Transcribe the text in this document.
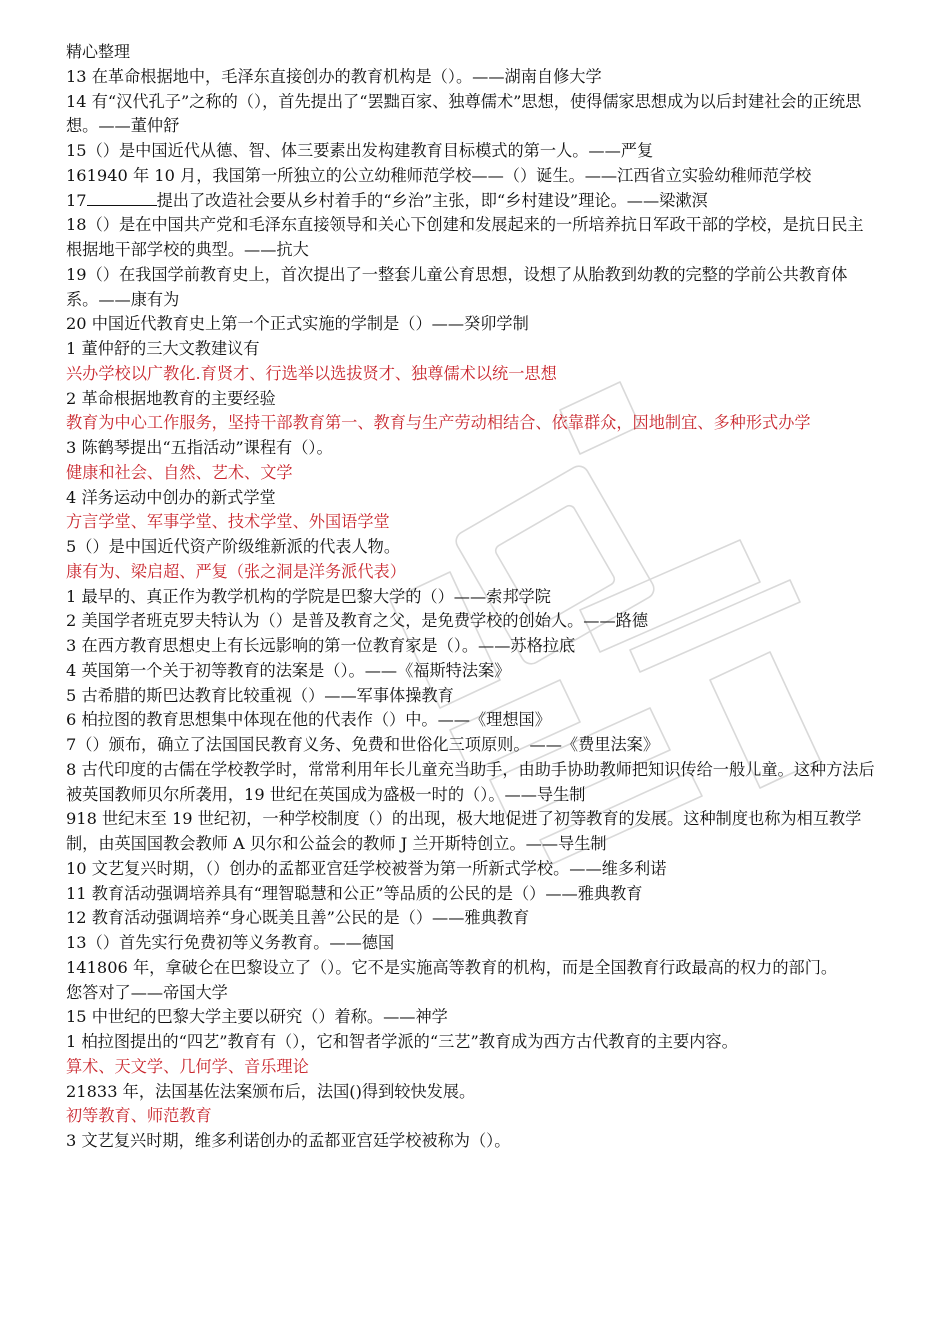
精心整理
13 在革命根据地中，毛泽东直接创办的教育机构是（）。——湖南自修大学
14 有“汉代孔子”之称的（），首先提出了“罢黜百家、独尊儒术”思想，使得儒家思想成为以后封建社会的正统思想。——董仲舒
15（）是中国近代从德、智、体三要素出发构建教育目标模式的第一人。——严复
161940 年 10 月，我国第一所独立的公立幼稚师范学校——（）诞生。——江西省立实验幼稚师范学校
17	提出了改造社会要从乡村着手的“乡治”主张，即“乡村建设”理论。——梁漱溟
18（）是在中国共产党和毛泽东直接领导和关心下创建和发展起来的一所培养抗日军政干部的学校，是抗日民主根据地干部学校的典型。——抗大
19（）在我国学前教育史上，首次提出了一整套儿童公育思想，设想了从胎教到幼教的完整的学前公共教育体系。——康有为
20 中国近代教育史上第一个正式实施的学制是（）——癸卯学制
1 董仲舒的三大文教建议有
兴办学校以广教化.育贤才、行选举以选拔贤才、独尊儒术以统一思想
2 革命根据地教育的主要经验
教育为中心工作服务，坚持干部教育第一、教育与生产劳动相结合、依靠群众，因地制宜、多种形式办学
3 陈鹤琴提出“五指活动”课程有（）。
健康和社会、自然、艺术、文学
4 洋务运动中创办的新式学堂
方言学堂、军事学堂、技术学堂、外国语学堂
5（）是中国近代资产阶级维新派的代表人物。
康有为、梁启超、严复（张之洞是洋务派代表）
1 最早的、真正作为教学机构的学院是巴黎大学的（）——索邦学院
2 美国学者班克罗夫特认为（）是普及教育之父，是免费学校的创始人。——路德
3 在西方教育思想史上有长远影响的第一位教育家是（）。——苏格拉底
4 英国第一个关于初等教育的法案是（）。——《福斯特法案》
5 古希腊的斯巴达教育比较重视（）——军事体操教育
6 柏拉图的教育思想集中体现在他的代表作（）中。——《理想国》
7（）颁布，确立了法国国民教育义务、免费和世俗化三项原则。——《费里法案》
8 古代印度的古儒在学校教学时，常常利用年长儿童充当助手，由助手协助教师把知识传给一般儿童。这种方法后被英国教师贝尔所袭用，19 世纪在英国成为盛极一时的（）。——导生制
918 世纪末至 19 世纪初，一种学校制度（）的出现，极大地促进了初等教育的发展。这种制度也称为相互教学制，由英国国教会教师 A 贝尔和公益会的教师 J 兰开斯特创立。——导生制
10 文艺复兴时期，（）创办的孟都亚宫廷学校被誉为第一所新式学校。——维多利诺
11 教育活动强调培养具有“理智聪慧和公正”等品质的公民的是（）——雅典教育
12 教育活动强调培养“身心既美且善”公民的是（）——雅典教育
13（）首先实行免费初等义务教育。——德国
141806 年，拿破仑在巴黎设立了（）。它不是实施高等教育的机构，而是全国教育行政最高的权力的部门。
您答对了——帝国大学
15 中世纪的巴黎大学主要以研究（）着称。——神学
1 柏拉图提出的“四艺”教育有（），它和智者学派的“三艺”教育成为西方古代教育的主要内容。
算术、天文学、几何学、音乐理论
21833 年，法国基佐法案颁布后，法国()得到较快发展。
初等教育、师范教育
3 文艺复兴时期，维多利诺创办的孟都亚宫廷学校被称为（）。
